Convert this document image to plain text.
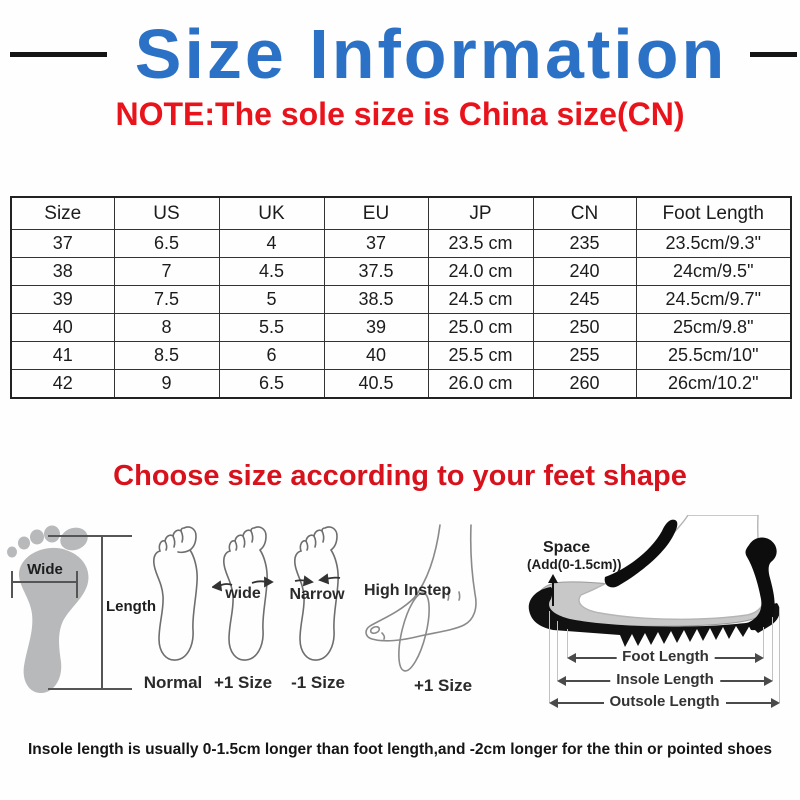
Size Information
NOTE:The sole size is China size(CN)
Size	US	UK	EU	JP	CN	Foot Length
37	6.5	4	37	23.5 cm	235	23.5cm/9.3"
38	7	4.5	37.5	24.0 cm	240	24cm/9.5"
39	7.5	5	38.5	24.5 cm	245	24.5cm/9.7"
40	8	5.5	39	25.0 cm	250	25cm/9.8"
41	8.5	6	40	25.5 cm	255	25.5cm/10"
42	9	6.5	40.5	26.0 cm	260	26cm/10.2"
Choose size according to your feet shape
Wide
Length
wide	Narrow High Instep
Normal +1 Size	-1 Size	+1 Size
Space
(Add(0-1.5cm))
Foot Length
Insole Length
Outsole Length
Insole length is usually 0-1.5cm longer than foot length,and -2cm longer for the thin or pointed shoes
